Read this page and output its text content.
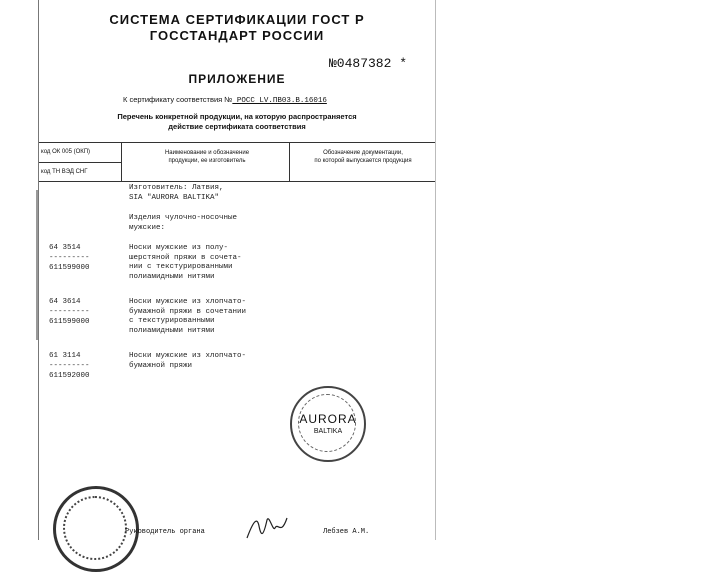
СИСТЕМА СЕРТИФИКАЦИИ ГОСТ Р
ГОССТАНДАРТ РОССИИ
№0487382 *
ПРИЛОЖЕНИЕ
К сертификату соответствия № POCC LV.ПВ03.В.16016
Перечень конкретной продукции, на которую распространяется
действие сертификата соответствия
код ОК 005 (ОКП)
код ТН ВЭД СНГ
Наименование и обозначение
продукции, ее изготовитель
Обозначение документации,
по которой выпускается продукция
Изготовитель: Латвия,
SIA "AURORA BALTIKA"
Изделия чулочно-носочные
мужские:
64 3514
---------
611599000
Носки мужские из полу-
шерстяной пряжи в сочета-
нии с текстурированными
полиамидными нитями
64 3614
---------
611599000
Носки мужские из хлопчато-
бумажной пряжи в сочетании
с текстурированными
полиамидными нитями
61 3114
---------
611592000
Носки мужские из хлопчато-
бумажной пряжи
AURORA
BALTIKA
Руководитель органа	Лебзев А.М.
